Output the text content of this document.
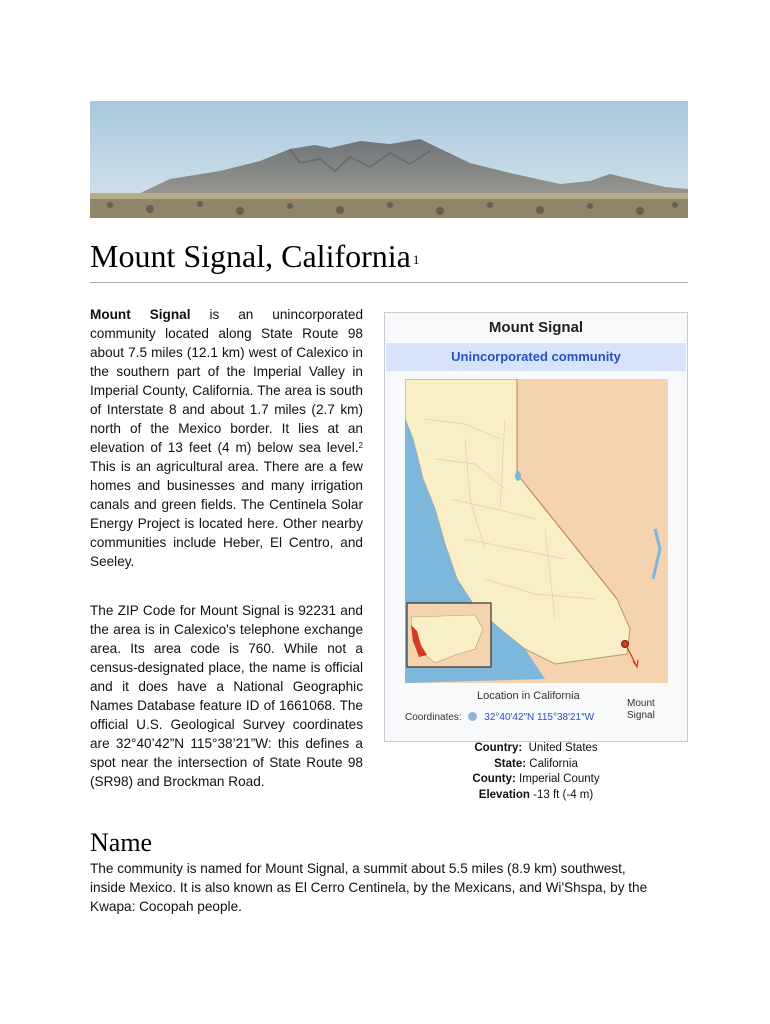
Mount Signal, California $^1$
Mount Signal is an unincorporated community located along State Route 98 about 7.5 miles (12.1 km) west of Calexico in the southern part of the Imperial Valley in Imperial County, California. The area is south of Interstate 8 and about 1.7 miles (2.7 km) north of the Mexico border. It lies at an elevation of 13 feet (4 m) below sea level.$^2$ This is an agricultural area. There are a few homes and businesses and many irrigation canals and green fields. The Centinela Solar Energy Project is located here. Other nearby communities include Heber, El Centro, and Seeley.
The ZIP Code for Mount Signal is 92231 and the area is in Calexico's telephone exchange area. Its area code is 760. While not a census-designated place, the name is official and it does have a National Geographic Names Database feature ID of 1661068. The official U.S. Geological Survey coordinates are 32°40’42”N 115°38’21”W: this defines a spot near the intersection of State Route 98 (SR98) and Brockman Road.
Mount Signal
Unincorporated community
Location in California
Mount
Signal
Coordinates: 32°40′42″N 115°38′21″W
Country: United States
State: California
County: Imperial County
Elevation -13 ft (-4 m)
Name
The community is named for Mount Signal, a summit about 5.5 miles (8.9 km) southwest, inside Mexico. It is also known as El Cerro Centinela, by the Mexicans, and Wi'Shspa, by the Kwapa: Cocopah people.
